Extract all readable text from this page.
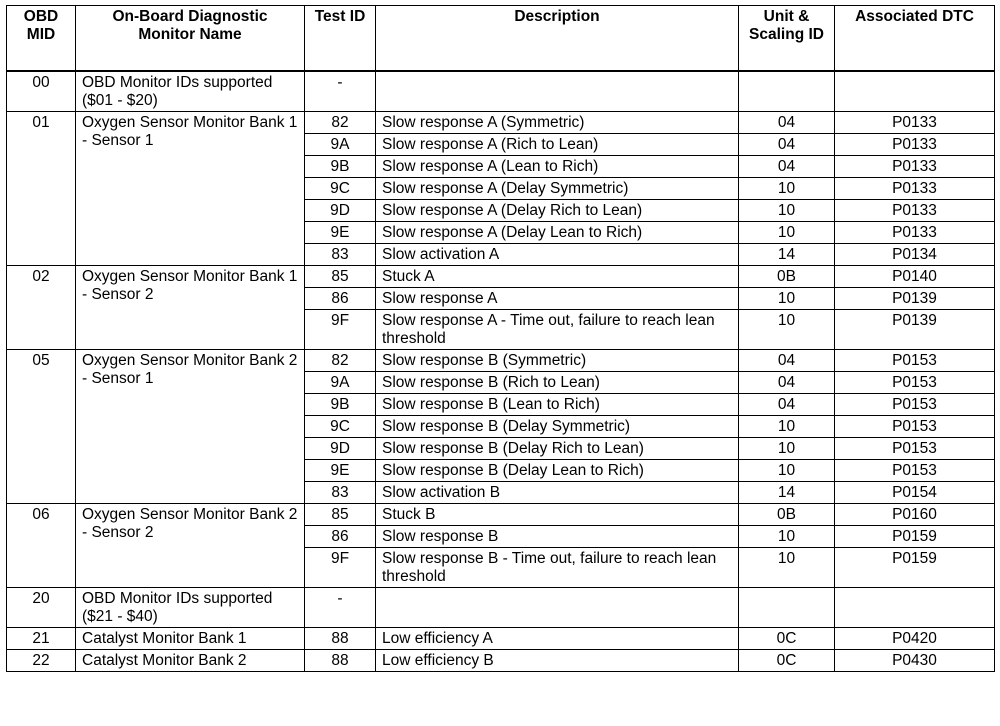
OBD MID	On-Board Diagnostic Monitor Name	Test ID	Description	Unit & Scaling ID	Associated DTC
00	OBD Monitor IDs supported ($01 - $20)	-			
01	Oxygen Sensor Monitor Bank 1 - Sensor 1	82	Slow response A (Symmetric)	04	P0133
		9A	Slow response A (Rich to Lean)	04	P0133
		9B	Slow response A (Lean to Rich)	04	P0133
		9C	Slow response A (Delay Symmetric)	10	P0133
		9D	Slow response A (Delay Rich to Lean)	10	P0133
		9E	Slow response A (Delay Lean to Rich)	10	P0133
		83	Slow activation A	14	P0134
02	Oxygen Sensor Monitor Bank 1 - Sensor 2	85	Stuck A	0B	P0140
		86	Slow response A	10	P0139
		9F	Slow response A - Time out, failure to reach lean threshold	10	P0139
05	Oxygen Sensor Monitor Bank 2 - Sensor 1	82	Slow response B (Symmetric)	04	P0153
		9A	Slow response B (Rich to Lean)	04	P0153
		9B	Slow response B (Lean to Rich)	04	P0153
		9C	Slow response B (Delay Symmetric)	10	P0153
		9D	Slow response B (Delay Rich to Lean)	10	P0153
		9E	Slow response B (Delay Lean to Rich)	10	P0153
		83	Slow activation B	14	P0154
06	Oxygen Sensor Monitor Bank 2 - Sensor 2	85	Stuck B	0B	P0160
		86	Slow response B	10	P0159
		9F	Slow response B - Time out, failure to reach lean threshold	10	P0159
20	OBD Monitor IDs supported ($21 - $40)	-			
21	Catalyst Monitor Bank 1	88	Low efficiency A	0C	P0420
22	Catalyst Monitor Bank 2	88	Low efficiency B	0C	P0430
